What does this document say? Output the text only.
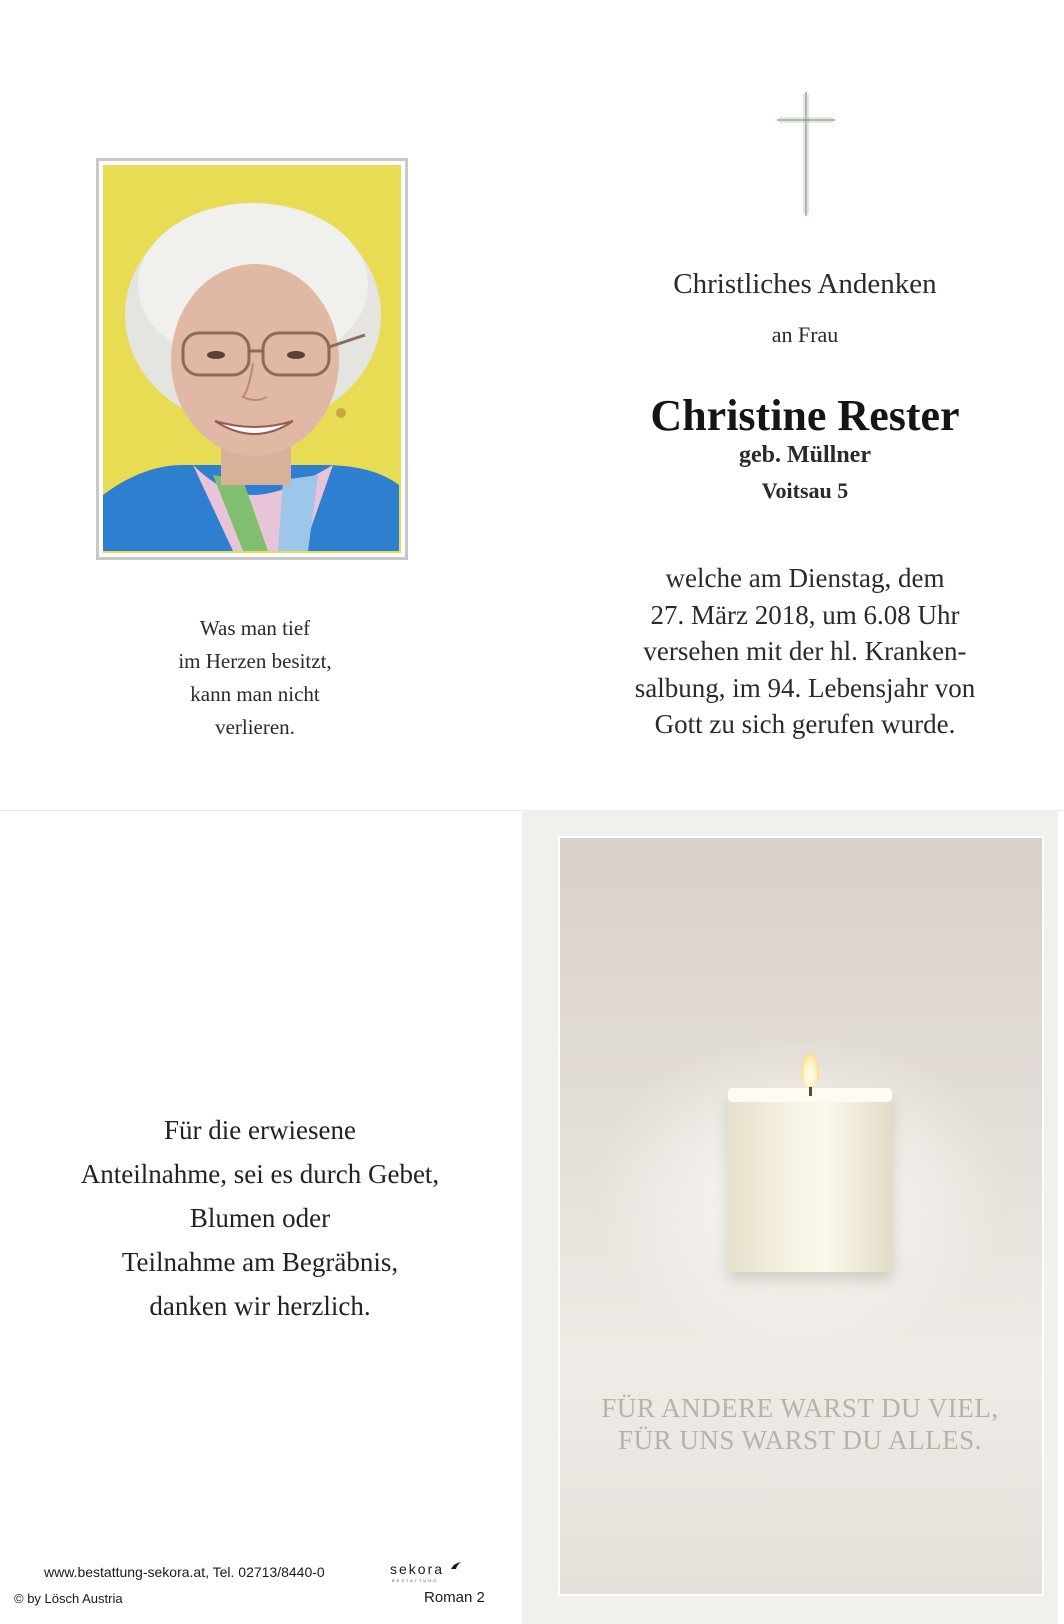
Was man tief
im Herzen besitzt,
kann man nicht
verlieren.
Christliches Andenken
an Frau
Christine Rester
geb. Müllner
Voitsau 5
welche am Dienstag, dem
27. März 2018, um 6.08 Uhr
versehen mit der hl. Kranken-
salbung, im 94. Lebensjahr von
Gott zu sich gerufen wurde.
Für die erwiesene
Anteilnahme, sei es durch Gebet,
Blumen oder
Teilnahme am Begräbnis,
danken wir herzlich.
www.bestattung-sekora.at, Tel. 02713/8440-0	sekora
BESTATTUNG
© by Lösch Austria	Roman 2
FÜR ANDERE WARST DU VIEL,
FÜR UNS WARST DU ALLES.
